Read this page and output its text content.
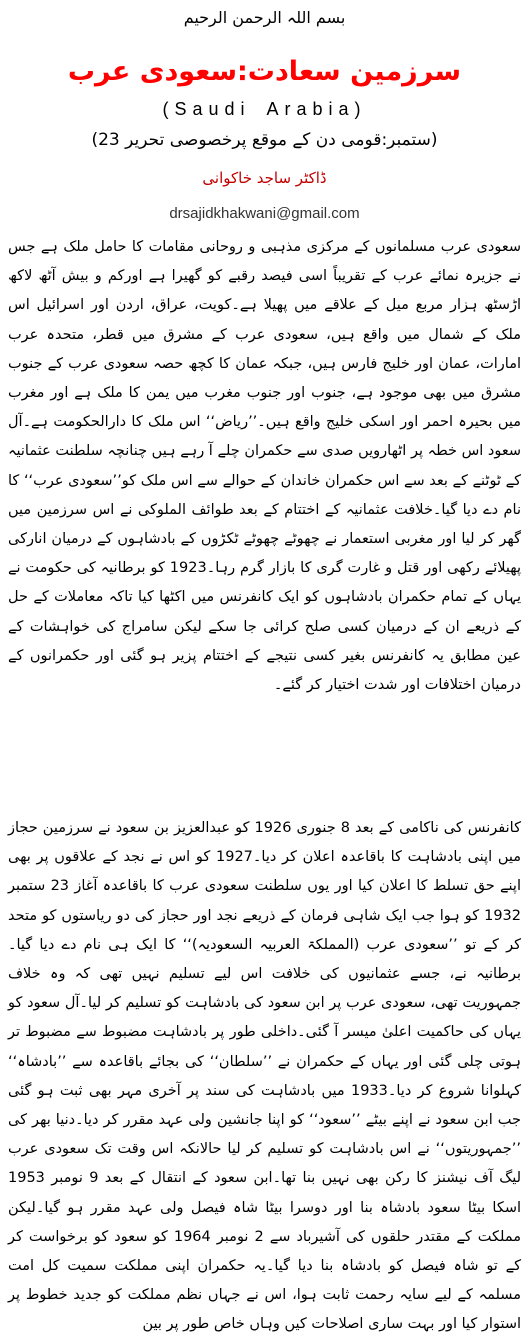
بسم اللہ الرحمن الرحیم
سرزمین سعادت:سعودی عرب
(Saudi Arabia)
(23 ستمبر:قومی دن کے موقع پرخصوصی تحریر)
ڈاکٹر ساجد خاکوانی
drsajidkhakwani@gmail.com

سعودی عرب مسلمانوں کے مرکزی مذہبی و روحانی مقامات کا حامل ملک ہے جس نے جزیرہ نمائے عرب کے تقریباً اسی فیصد رقبے کو گھیرا ہے اورکم و بیش آٹھ لاکھ اڑسٹھ ہزار مربع میل کے علاقے میں پھیلا ہے۔کویت، عراق، اردن اور اسرائیل اس ملک کے شمال میں واقع ہیں، سعودی عرب کے مشرق میں قطر، متحدہ عرب امارات، عمان اور خلیج فارس ہیں، جبکہ عمان کا کچھ حصہ سعودی عرب کے جنوب مشرق میں بھی موجود ہے، جنوب اور جنوب مغرب میں یمن کا ملک ہے اور مغرب میں بحیرہ احمر اور اسکی خلیج واقع ہیں۔’’ریاض‘‘ اس ملک کا دارالحکومت ہے۔آل سعود اس خطہ پر اٹھارویں صدی سے حکمران چلے آ رہے ہیں چنانچہ سلطنت عثمانیہ کے ٹوٹنے کے بعد سے اس حکمران خاندان کے حوالے سے اس ملک کو’’سعودی عرب‘‘ کا نام دے دیا گیا۔خلافت عثمانیہ کے اختتام کے بعد طوائف الملوکی نے اس سرزمین میں گھر کر لیا اور مغربی استعمار نے چھوٹے چھوٹے ٹکڑوں کے بادشاہوں کے درمیان انارکی پھیلائے رکھی اور قتل و غارت گری کا بازار گرم رہا۔1923 کو برطانیہ کی حکومت نے یہاں کے تمام حکمران بادشاہوں کو ایک کانفرنس میں اکٹھا کیا تاکہ معاملات کے حل کے ذریعے ان کے درمیان کسی صلح کرائی جا سکے لیکن سامراج کی خواہشات کے عین مطابق یہ کانفرنس بغیر کسی نتیجے کے اختتام پزیر ہو گئی اور حکمرانوں کے درمیان اختلافات اور شدت اختیار کر گئے۔

کانفرنس کی ناکامی کے بعد 8 جنوری 1926 کو عبدالعزیز بن سعود نے سرزمین حجاز میں اپنی بادشاہت کا باقاعدہ اعلان کر دیا۔1927 کو اس نے نجد کے علاقوں پر بھی اپنے حق تسلط کا اعلان کیا اور یوں سلطنت سعودی عرب کا باقاعدہ آغاز 23 ستمبر 1932 کو ہوا جب ایک شاہی فرمان کے ذریعے نجد اور حجاز کی دو ریاستوں کو متحد کر کے تو ’’سعودی عرب (المملکۃ العربیہ السعودیہ)‘‘ کا ایک ہی نام دے دیا گیا۔برطانیہ نے، جسے عثمانیوں کی خلافت اس لیے تسلیم نہیں تھی کہ وہ خلاف جمہوریت تھی، سعودی عرب پر ابن سعود کی بادشاہت کو تسلیم کر لیا۔آل سعود کو یہاں کی حاکمیت اعلیٰ میسر آ گئی۔داخلی طور پر بادشاہت مضبوط سے مضبوط تر ہوتی چلی گئی اور یہاں کے حکمران نے ’’سلطان‘‘ کی بجائے باقاعدہ سے ’’بادشاہ‘‘ کہلوانا شروع کر دیا۔1933 میں بادشاہت کی سند پر آخری مہر بھی ثبت ہو گئی جب ابن سعود نے اپنے بیٹے ’’سعود‘‘ کو اپنا جانشین ولی عہد مقرر کر دیا۔دنیا بھر کی ’’جمہوریتوں‘‘ نے اس بادشاہت کو تسلیم کر لیا حالانکہ اس وقت تک سعودی عرب لیگ آف نیشنز کا رکن بھی نہیں بنا تھا۔ابن سعود کے انتقال کے بعد 9 نومبر 1953 اسکا بیٹا سعود بادشاہ بنا اور دوسرا بیٹا شاہ فیصل ولی عہد مقرر ہو گیا۔لیکن مملکت کے مقتدر حلقوں کی آشیرباد سے 2 نومبر 1964 کو سعود کو برخواست کر کے تو شاہ فیصل کو بادشاہ بنا دیا گیا۔یہ حکمران اپنی مملکت سمیت کل امت مسلمہ کے لیے سایہ رحمت ثابت ہوا، اس نے جہاں نظم مملکت کو جدید خطوط پر استوار کیا اور بہت ساری اصلاحات کیں وہاں خاص طور پر بین
